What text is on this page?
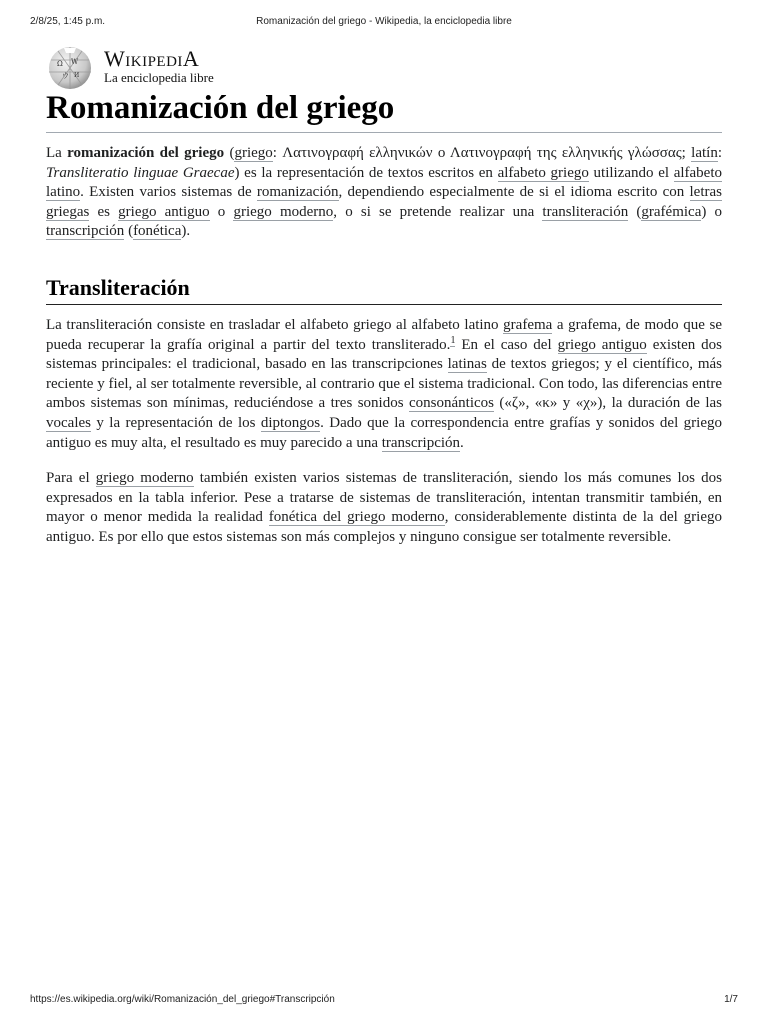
2/8/25, 1:45 p.m.	Romanización del griego - Wikipedia, la enciclopedia libre
Ω W
ウ И
WikipediA
La enciclopedia libre
Romanización del griego

La romanización del griego (griego: Λατινογραφή ελληνικών ο Λατινογραφή της ελληνικής γλώσσας; latín: Transliteratio linguae Graecae) es la representación de textos escritos en alfabeto griego utilizando el alfabeto latino. Existen varios sistemas de romanización, dependiendo especialmente de si el idioma escrito con letras griegas es griego antiguo o griego moderno, o si se pretende realizar una transliteración (grafémica) o transcripción (fonética).

Transliteración

La transliteración consiste en trasladar el alfabeto griego al alfabeto latino grafema a grafema, de modo que se pueda recuperar la grafía original a partir del texto transliterado.$^1$ En el caso del griego antiguo existen dos sistemas principales: el tradicional, basado en las transcripciones latinas de textos griegos; y el científico, más reciente y fiel, al ser totalmente reversible, al contrario que el sistema tradicional. Con todo, las diferencias entre ambos sistemas son mínimas, reduciéndose a tres sonidos consonánticos («ζ», «κ» y «χ»), la duración de las vocales y la representación de los diptongos. Dado que la correspondencia entre grafías y sonidos del griego antiguo es muy alta, el resultado es muy parecido a una transcripción.

Para el griego moderno también existen varios sistemas de transliteración, siendo los más comunes los dos expresados en la tabla inferior. Pese a tratarse de sistemas de transliteración, intentan transmitir también, en mayor o menor medida la realidad fonética del griego moderno, considerablemente distinta de la del griego antiguo. Es por ello que estos sistemas son más complejos y ninguno consigue ser totalmente reversible.

https://es.wikipedia.org/wiki/Romanización_del_griego#Transcripción	1/7
